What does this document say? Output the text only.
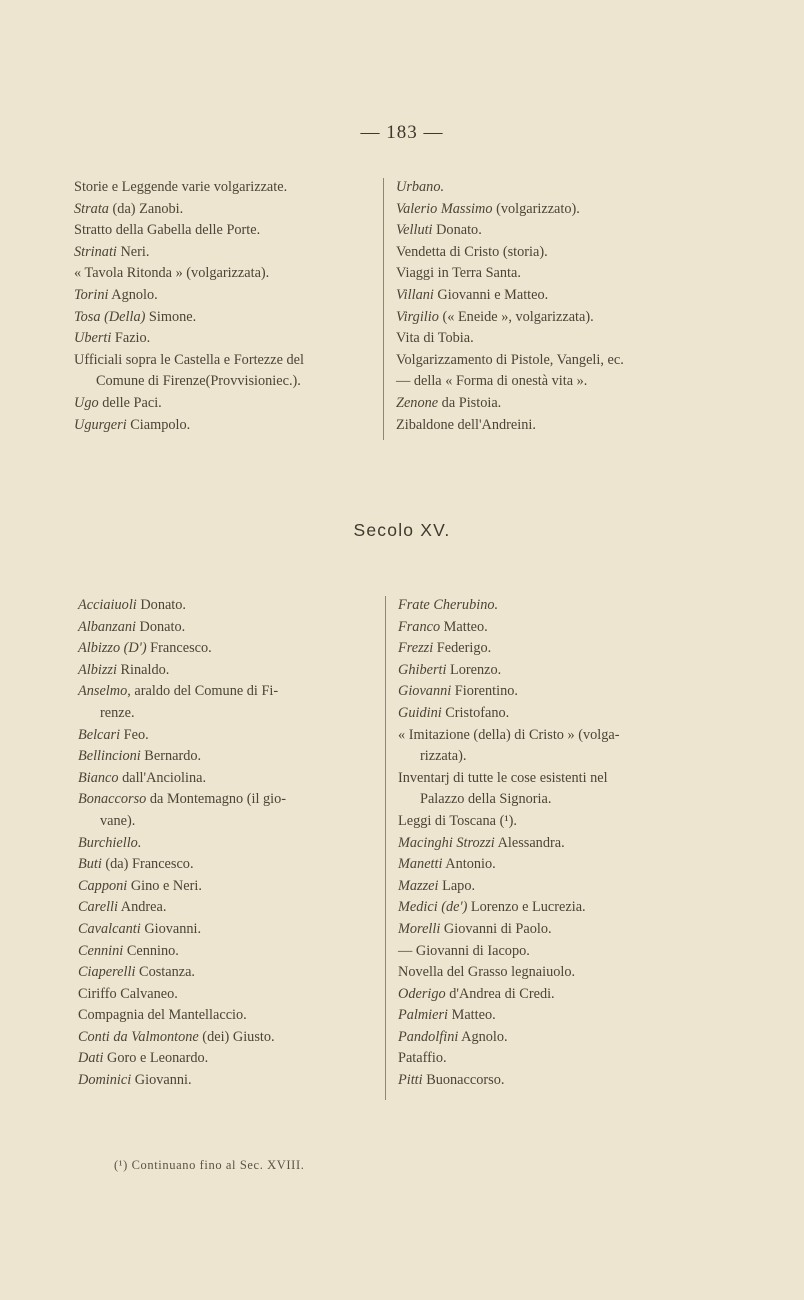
— 183 —
Storie e Leggende varie volgarizzate.
Strata (da) Zanobi.
Stratto della Gabella delle Porte.
Strinati Neri.
« Tavola Ritonda » (volgarizzata).
Torini Agnolo.
Tosa (Della) Simone.
Uberti Fazio.
Ufficiali sopra le Castella e Fortezze del
Comune di Firenze(Provvisioniec.).
Ugo delle Paci.
Ugurgeri Ciampolo.
Urbano.
Valerio Massimo (volgarizzato).
Velluti Donato.
Vendetta di Cristo (storia).
Viaggi in Terra Santa.
Villani Giovanni e Matteo.
Virgilio (« Eneide », volgarizzata).
Vita di Tobia.
Volgarizzamento di Pistole, Vangeli, ec.
— della « Forma di onestà vita ».
Zenone da Pistoia.
Zibaldone dell'Andreini.
Secolo XV.
Acciaiuoli Donato.
Albanzani Donato.
Albizzo (D') Francesco.
Albizzi Rinaldo.
Anselmo, araldo del Comune di Fi-
renze.
Belcari Feo.
Bellincioni Bernardo.
Bianco dall'Anciolina.
Bonaccorso da Montemagno (il gio-
vane).
Burchiello.
Buti (da) Francesco.
Capponi Gino e Neri.
Carelli Andrea.
Cavalcanti Giovanni.
Cennini Cennino.
Ciaperelli Costanza.
Ciriffo Calvaneo.
Compagnia del Mantellaccio.
Conti da Valmontone (dei) Giusto.
Dati Goro e Leonardo.
Dominici Giovanni.
Frate Cherubino.
Franco Matteo.
Frezzi Federigo.
Ghiberti Lorenzo.
Giovanni Fiorentino.
Guidini Cristofano.
« Imitazione (della) di Cristo » (volga-
rizzata).
Inventarj di tutte le cose esistenti nel
Palazzo della Signoria.
Leggi di Toscana (¹).
Macinghi Strozzi Alessandra.
Manetti Antonio.
Mazzei Lapo.
Medici (de') Lorenzo e Lucrezia.
Morelli Giovanni di Paolo.
— Giovanni di Iacopo.
Novella del Grasso legnaiuolo.
Oderigo d'Andrea di Credi.
Palmieri Matteo.
Pandolfini Agnolo.
Pataffio.
Pitti Buonaccorso.
(¹) Continuano fino al Sec. XVIII.
